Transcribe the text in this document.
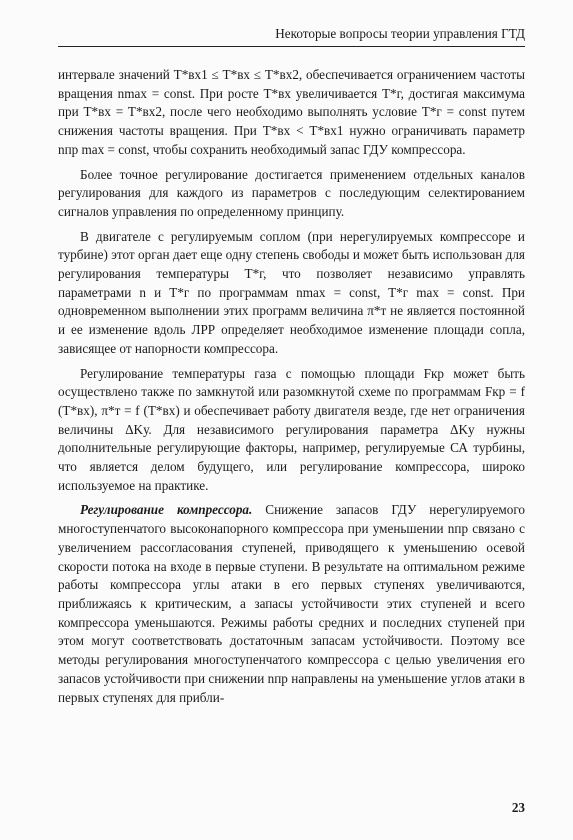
Некоторые вопросы теории управления ГТД

интервале значений T*вх1 ≤ T*вх ≤ T*вх2, обеспечивается ограничением частоты вращения nmax = const. При росте T*вх увеличивается T*г, достигая максимума при T*вх = T*вх2, после чего необходимо выполнять условие T*г = const путем снижения частоты вращения. При T*вх < T*вх1 нужно ограничивать параметр nпр max = const, чтобы сохранить необходимый запас ГДУ компрессора.

Более точное регулирование достигается применением отдельных каналов регулирования для каждого из параметров с последующим селектированием сигналов управления по определенному принципу.

В двигателе с регулируемым соплом (при нерегулируемых компрессоре и турбине) этот орган дает еще одну степень свободы и может быть использован для регулирования температуры T*г, что позволяет независимо управлять параметрами n и T*г по программам nmax = const, T*г max = const. При одновременном выполнении этих программ величина π*т не является постоянной и ее изменение вдоль ЛРР определяет необходимое изменение площади сопла, зависящее от напорности компрессора.

Регулирование температуры газа с помощью площади Fкр может быть осуществлено также по замкнутой или разомкнутой схеме по программам Fкр = f (T*вх), π*т = f (T*вх) и обеспечивает работу двигателя везде, где нет ограничения величины ΔKу. Для независимого регулирования параметра ΔKу нужны дополнительные регулирующие факторы, например, регулируемые СА турбины, что является делом будущего, или регулирование компрессора, широко используемое на практике.

Регулирование компрессора. Снижение запасов ГДУ нерегулируемого многоступенчатого высоконапорного компрессора при уменьшении nпр связано с увеличением рассогласования ступеней, приводящего к уменьшению осевой скорости потока на входе в первые ступени. В результате на оптимальном режиме работы компрессора углы атаки в его первых ступенях увеличиваются, приближаясь к критическим, а запасы устойчивости этих ступеней и всего компрессора уменьшаются. Режимы работы средних и последних ступеней при этом могут соответствовать достаточным запасам устойчивости. Поэтому все методы регулирования многоступенчатого компрессора с целью увеличения его запасов устойчивости при снижении nпр направлены на уменьшение углов атаки в первых ступенях для прибли-

23
